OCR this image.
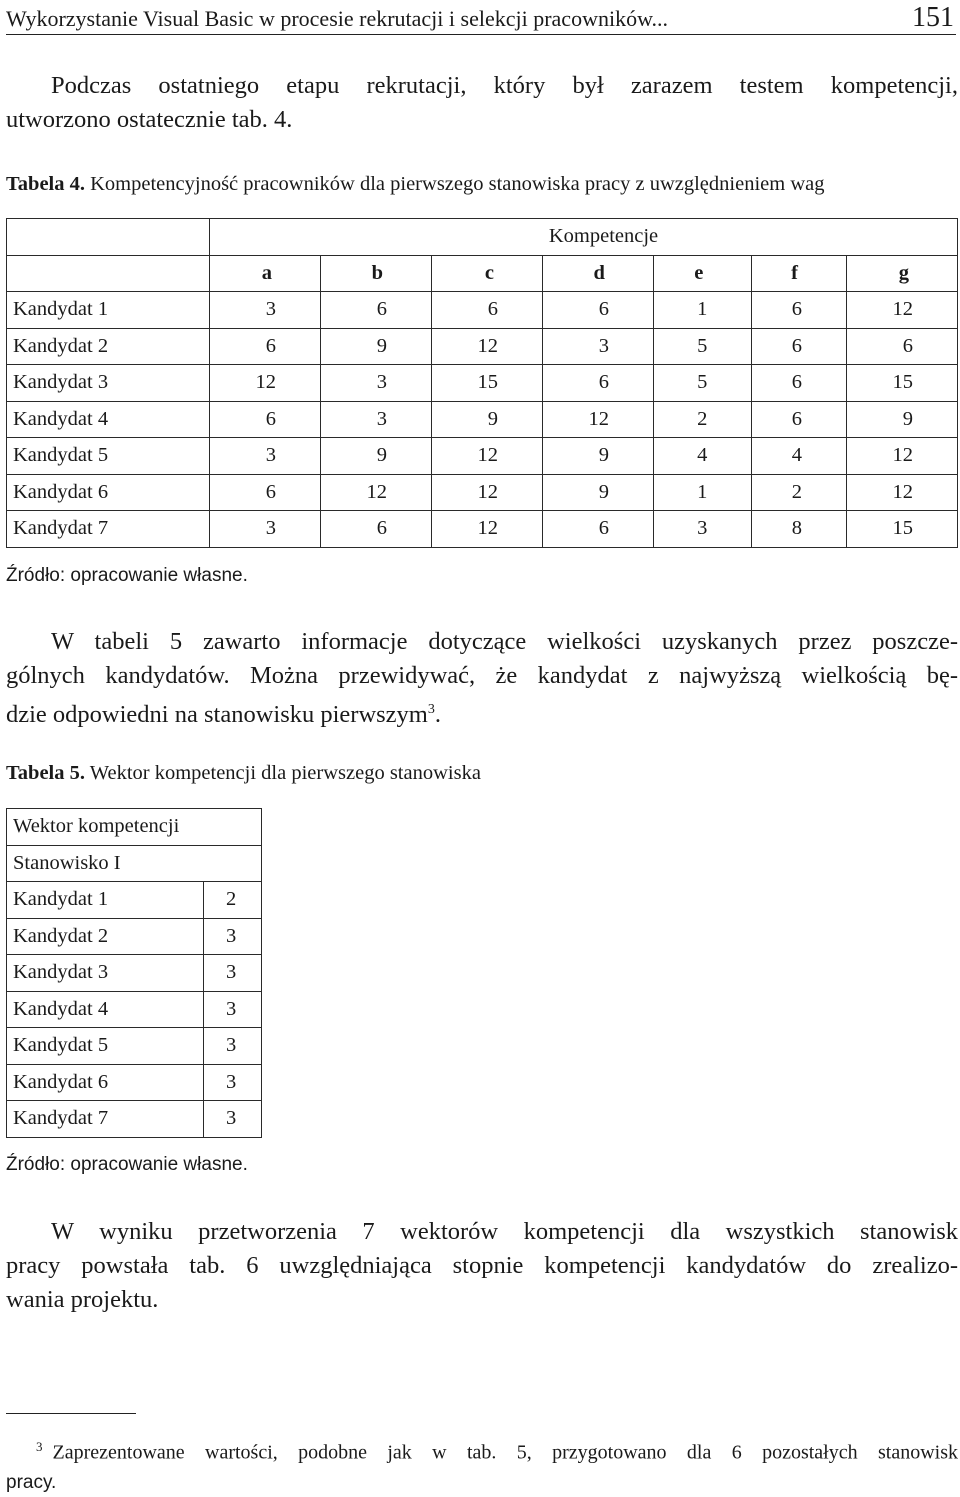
Wykorzystanie Visual Basic w procesie rekrutacji i selekcji pracowników...	151

Podczas ostatniego etapu rekrutacji, który był zarazem testem kompetencji,
utworzono ostatecznie tab. 4.

Tabela 4. Kompetencyjność pracowników dla pierwszego stanowiska pracy z uwzględnieniem wag
	Kompetencje						
	a	b	c	d	e	f	g
Kandydat 1	3	6	6	6	1	6	12
Kandydat 2	6	9	12	3	5	6	6
Kandydat 3	12	3	15	6	5	6	15
Kandydat 4	6	3	9	12	2	6	9
Kandydat 5	3	9	12	9	4	4	12
Kandydat 6	6	12	12	9	1	2	12
Kandydat 7	3	6	12	6	3	8	15
Źródło: opracowanie własne.

W tabeli 5 zawarto informacje dotyczące wielkości uzyskanych przez poszcze-
gólnych kandydatów. Można przewidywać, że kandydat z najwyższą wielkością bę-
dzie odpowiedni na stanowisku pierwszym$^3$.

Tabela 5. Wektor kompetencji dla pierwszego stanowiska
Wektor kompetencji	
Stanowisko I	
Kandydat 1	2
Kandydat 2	3
Kandydat 3	3
Kandydat 4	3
Kandydat 5	3
Kandydat 6	3
Kandydat 7	3
Źródło: opracowanie własne.

W wyniku przetworzenia 7 wektorów kompetencji dla wszystkich stanowisk
pracy powstała tab. 6 uwzględniająca stopnie kompetencji kandydatów do zrealizo-
wania projektu.

$^3$ Zaprezentowane wartości, podobne jak w tab. 5, przygotowano dla 6 pozostałych stanowisk
pracy.
